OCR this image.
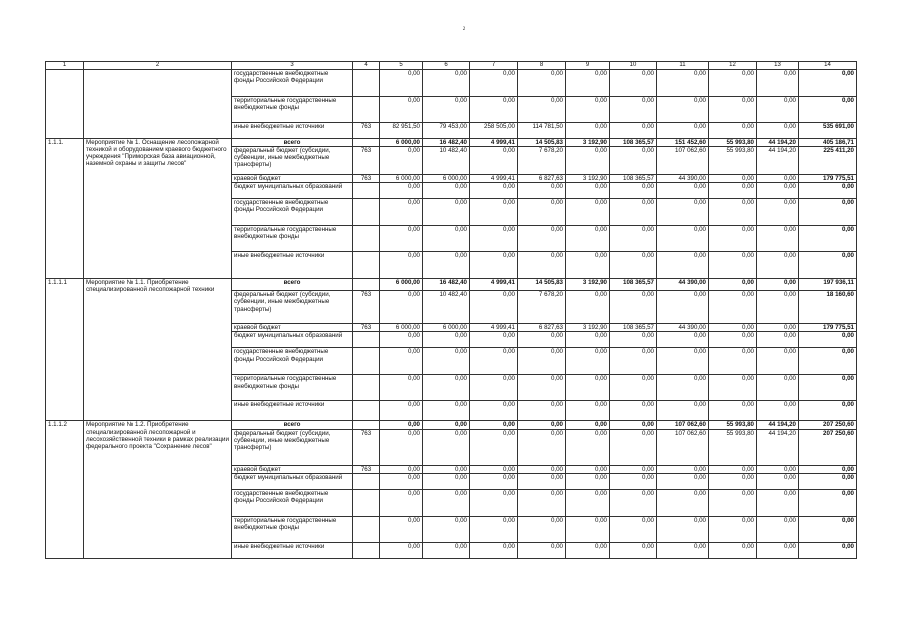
2
1	2	3	4	5	6	7	8	9	10	11	12	13	14
		государственные внебюджетные фонды Российской Федерации		0,00	0,00	0,00	0,00	0,00	0,00	0,00	0,00	0,00	0,00
		территориальные государственные внебюджетные фонды		0,00	0,00	0,00	0,00	0,00	0,00	0,00	0,00	0,00	0,00
		иные внебюджетные источники	763	82 951,50	79 453,00	258 505,00	114 781,50	0,00	0,00	0,00	0,00	0,00	535 691,00
1.1.1.	Мероприятие № 1. Оснащение лесопожарной техникой и оборудованием краевого бюджетного учреждения "Приморская база авиационной, наземной охраны и защиты лесов"	всего		6 000,00	16 482,40	4 999,41	14 505,83	3 192,90	108 365,57	151 452,60	55 993,80	44 194,20	405 186,71
		федеральный бюджет (субсидии, субвенции, иные межбюджетные трансферты)	763	0,00	10 482,40	0,00	7 678,20	0,00	0,00	107 062,60	55 993,80	44 194,20	225 411,20
		краевой бюджет	763	6 000,00	6 000,00	4 999,41	6 827,63	3 192,90	108 365,57	44 390,00	0,00	0,00	179 775,51
		бюджет муниципальных образований		0,00	0,00	0,00	0,00	0,00	0,00	0,00	0,00	0,00	0,00
		государственные внебюджетные фонды Российской Федерации		0,00	0,00	0,00	0,00	0,00	0,00	0,00	0,00	0,00	0,00
		территориальные государственные внебюджетные фонды		0,00	0,00	0,00	0,00	0,00	0,00	0,00	0,00	0,00	0,00
		иные внебюджетные источники		0,00	0,00	0,00	0,00	0,00	0,00	0,00	0,00	0,00	0,00
1.1.1.1	Мероприятие № 1.1. Приобретение специализированной лесопожарной техники	всего		6 000,00	16 482,40	4 999,41	14 505,83	3 192,90	108 365,57	44 390,00	0,00	0,00	197 936,11
		федеральный бюджет (субсидии, субвенции, иные межбюджетные трансферты)	763	0,00	10 482,40	0,00	7 678,20	0,00	0,00	0,00	0,00	0,00	18 160,60
		краевой бюджет	763	6 000,00	6 000,00	4 999,41	6 827,63	3 192,90	108 365,57	44 390,00	0,00	0,00	179 775,51
		бюджет муниципальных образований		0,00	0,00	0,00	0,00	0,00	0,00	0,00	0,00	0,00	0,00
		государственные внебюджетные фонды Российской Федерации		0,00	0,00	0,00	0,00	0,00	0,00	0,00	0,00	0,00	0,00
		территориальные государственные внебюджетные фонды		0,00	0,00	0,00	0,00	0,00	0,00	0,00	0,00	0,00	0,00
		иные внебюджетные источники		0,00	0,00	0,00	0,00	0,00	0,00	0,00	0,00	0,00	0,00
1.1.1.2	Мероприятие № 1.2. Приобретение специализированной лесопожарной и лесохозяйственной техники в рамках реализации федерального проекта "Сохранение лесов"	всего		0,00	0,00	0,00	0,00	0,00	0,00	107 062,60	55 993,80	44 194,20	207 250,60
		федеральный бюджет (субсидии, субвенции, иные межбюджетные трансферты)	763	0,00	0,00	0,00	0,00	0,00	0,00	107 062,60	55 993,80	44 194,20	207 250,60
		краевой бюджет	763	0,00	0,00	0,00	0,00	0,00	0,00	0,00	0,00	0,00	0,00
		бюджет муниципальных образований		0,00	0,00	0,00	0,00	0,00	0,00	0,00	0,00	0,00	0,00
		государственные внебюджетные фонды Российской Федерации		0,00	0,00	0,00	0,00	0,00	0,00	0,00	0,00	0,00	0,00
		территориальные государственные внебюджетные фонды		0,00	0,00	0,00	0,00	0,00	0,00	0,00	0,00	0,00	0,00
		иные внебюджетные источники		0,00	0,00	0,00	0,00	0,00	0,00	0,00	0,00	0,00	0,00
